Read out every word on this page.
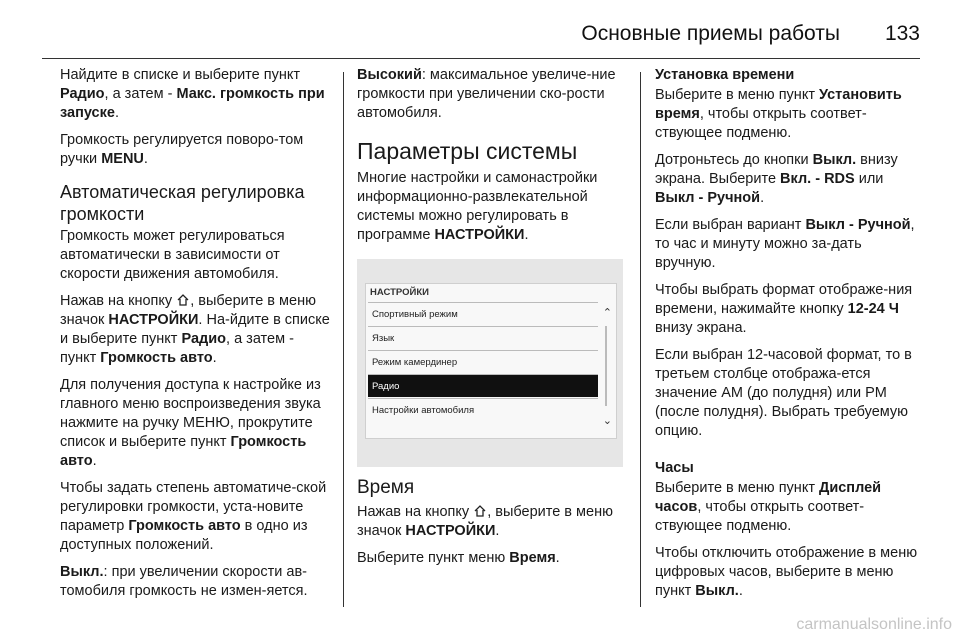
Основные приемы работы 133

Найдите в списке и выберите пункт Радио, а затем - Макс. громкость при запуске.

Громкость регулируется поворо-том ручки MENU.

Автоматическая регулировка громкости

Громкость может регулироваться автоматически в зависимости от скорости движения автомобиля.

Нажав на кнопку , выберите в меню значок НАСТРОЙКИ. На-йдите в списке и выберите пункт Радио, а затем - пункт Громкость авто.

Для получения доступа к настройке из главного меню воспроизведения звука нажмите на ручку МЕНЮ, прокрутите список и выберите пункт Громкость авто.

Чтобы задать степень автоматиче-ской регулировки громкости, уста-новите параметр Громкость авто в одно из доступных положений.

Выкл.: при увеличении скорости ав-томобиля громкость не измен-яется.

Высокий: максимальное увеличе-ние громкости при увеличении ско-рости автомобиля.

Параметры системы

Многие настройки и самонастройки информационно-развлекательной системы можно регулировать в программе НАСТРОЙКИ.

НАСТРОЙКИ
Спортивный режим
Язык
Режим камердинер
Радио
Настройки автомобиля
⌃
⌄
Время

Нажав на кнопку , выберите в меню значок НАСТРОЙКИ.

Выберите пункт меню Время.

Установка времени

Выберите в меню пункт Установить время, чтобы открыть соответ-ствующее подменю.

Дотроньтесь до кнопки Выкл. внизу экрана. Выберите Вкл. - RDS или Выкл - Ручной.

Если выбран вариант Выкл - Ручной, то час и минуту можно за-дать вручную.

Чтобы выбрать формат отображе-ния времени, нажимайте кнопку 12-24 Ч внизу экрана.

Если выбран 12-часовой формат, то в третьем столбце отобража-ется значение AM (до полудня) или PM (после полудня). Выбрать требуемую опцию.

Часы

Выберите в меню пункт Дисплей часов, чтобы открыть соответ-ствующее подменю.

Чтобы отключить отображение в меню цифровых часов, выберите в меню пункт Выкл..

carmanualsonline.info
